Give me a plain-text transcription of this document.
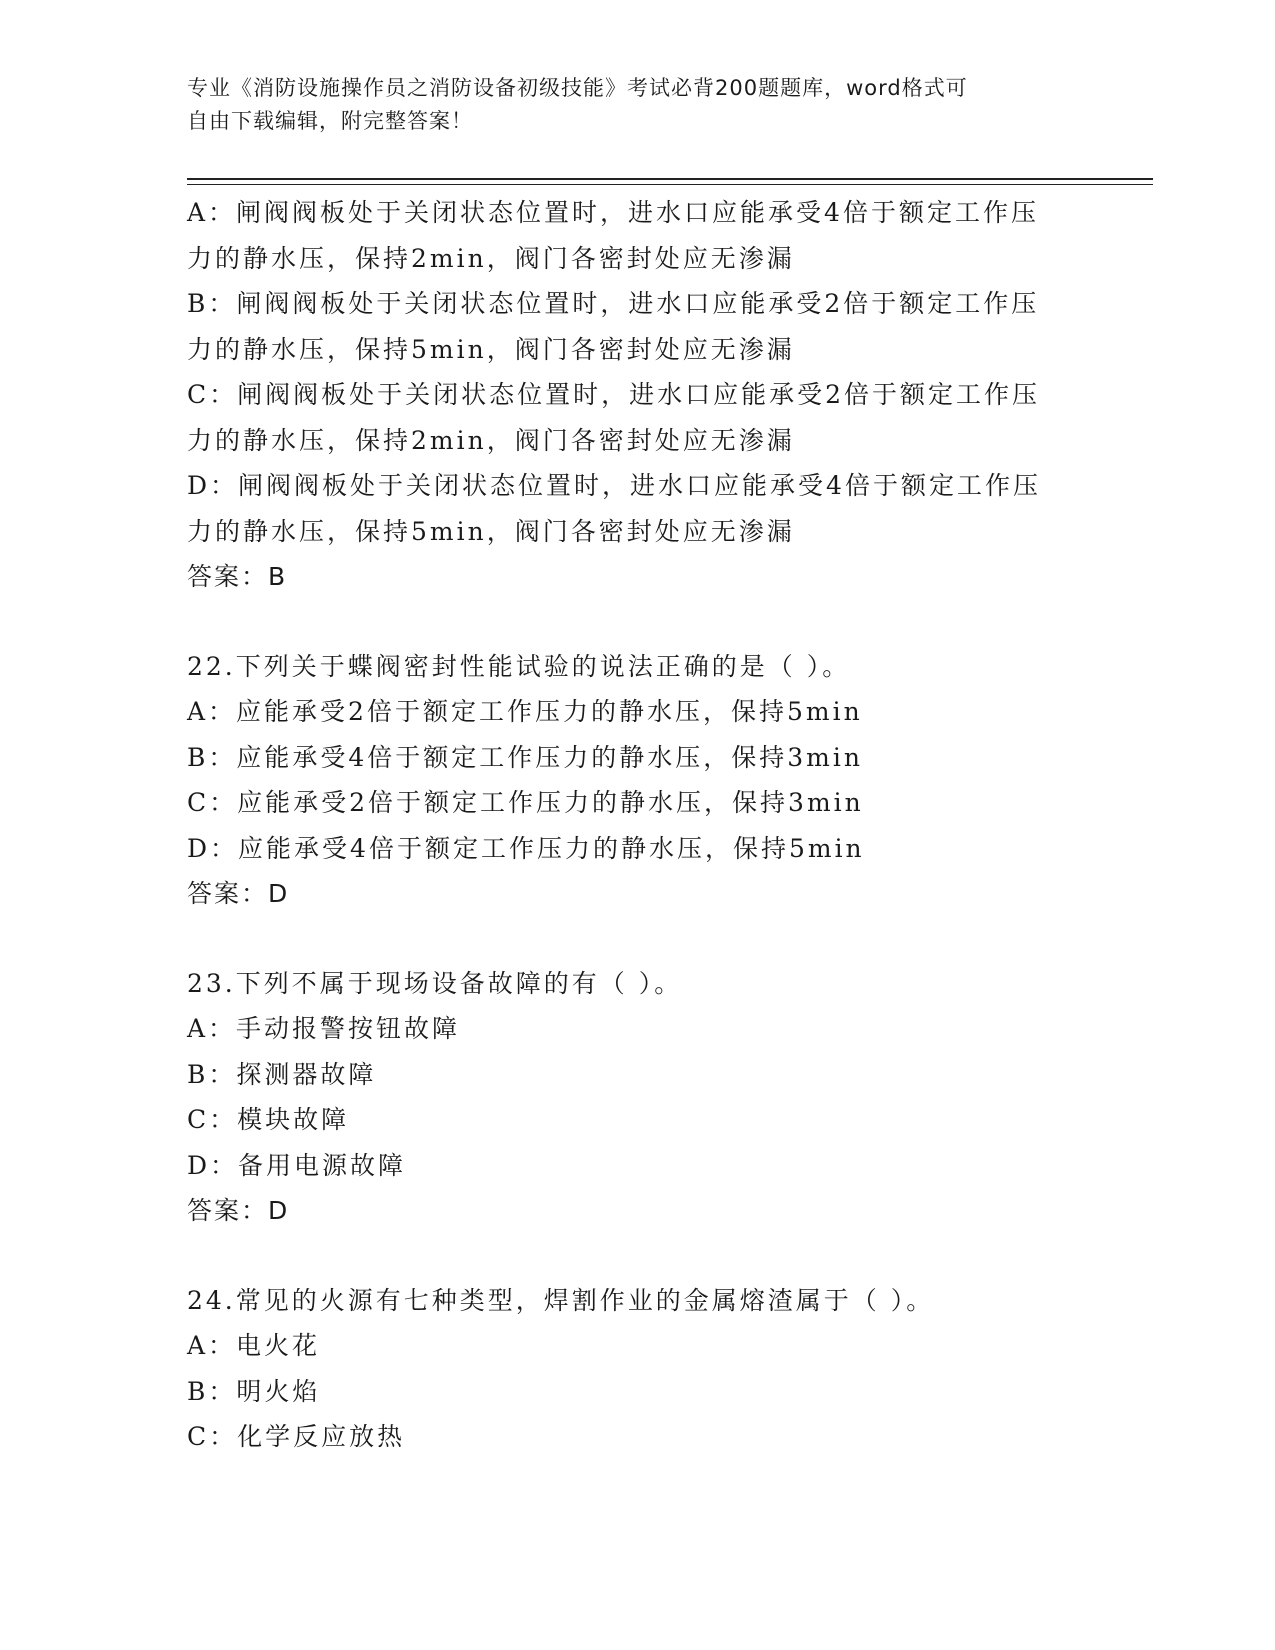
专业《消防设施操作员之消防设备初级技能》考试必背200题题库，word格式可
自由下载编辑，附完整答案！
A：闸阀阀板处于关闭状态位置时，进水口应能承受4倍于额定工作压
力的静水压，保持2min，阀门各密封处应无渗漏
B：闸阀阀板处于关闭状态位置时，进水口应能承受2倍于额定工作压
力的静水压，保持5min，阀门各密封处应无渗漏
C：闸阀阀板处于关闭状态位置时，进水口应能承受2倍于额定工作压
力的静水压，保持2min，阀门各密封处应无渗漏
D：闸阀阀板处于关闭状态位置时，进水口应能承受4倍于额定工作压
力的静水压，保持5min，阀门各密封处应无渗漏
答案：B
22.下列关于蝶阀密封性能试验的说法正确的是（ ）。
A：应能承受2倍于额定工作压力的静水压，保持5min
B：应能承受4倍于额定工作压力的静水压，保持3min
C：应能承受2倍于额定工作压力的静水压，保持3min
D：应能承受4倍于额定工作压力的静水压，保持5min
答案：D
23.下列不属于现场设备故障的有（ ）。
A：手动报警按钮故障
B：探测器故障
C：模块故障
D：备用电源故障
答案：D
24.常见的火源有七种类型，焊割作业的金属熔渣属于（ ）。
A：电火花
B：明火焰
C：化学反应放热
